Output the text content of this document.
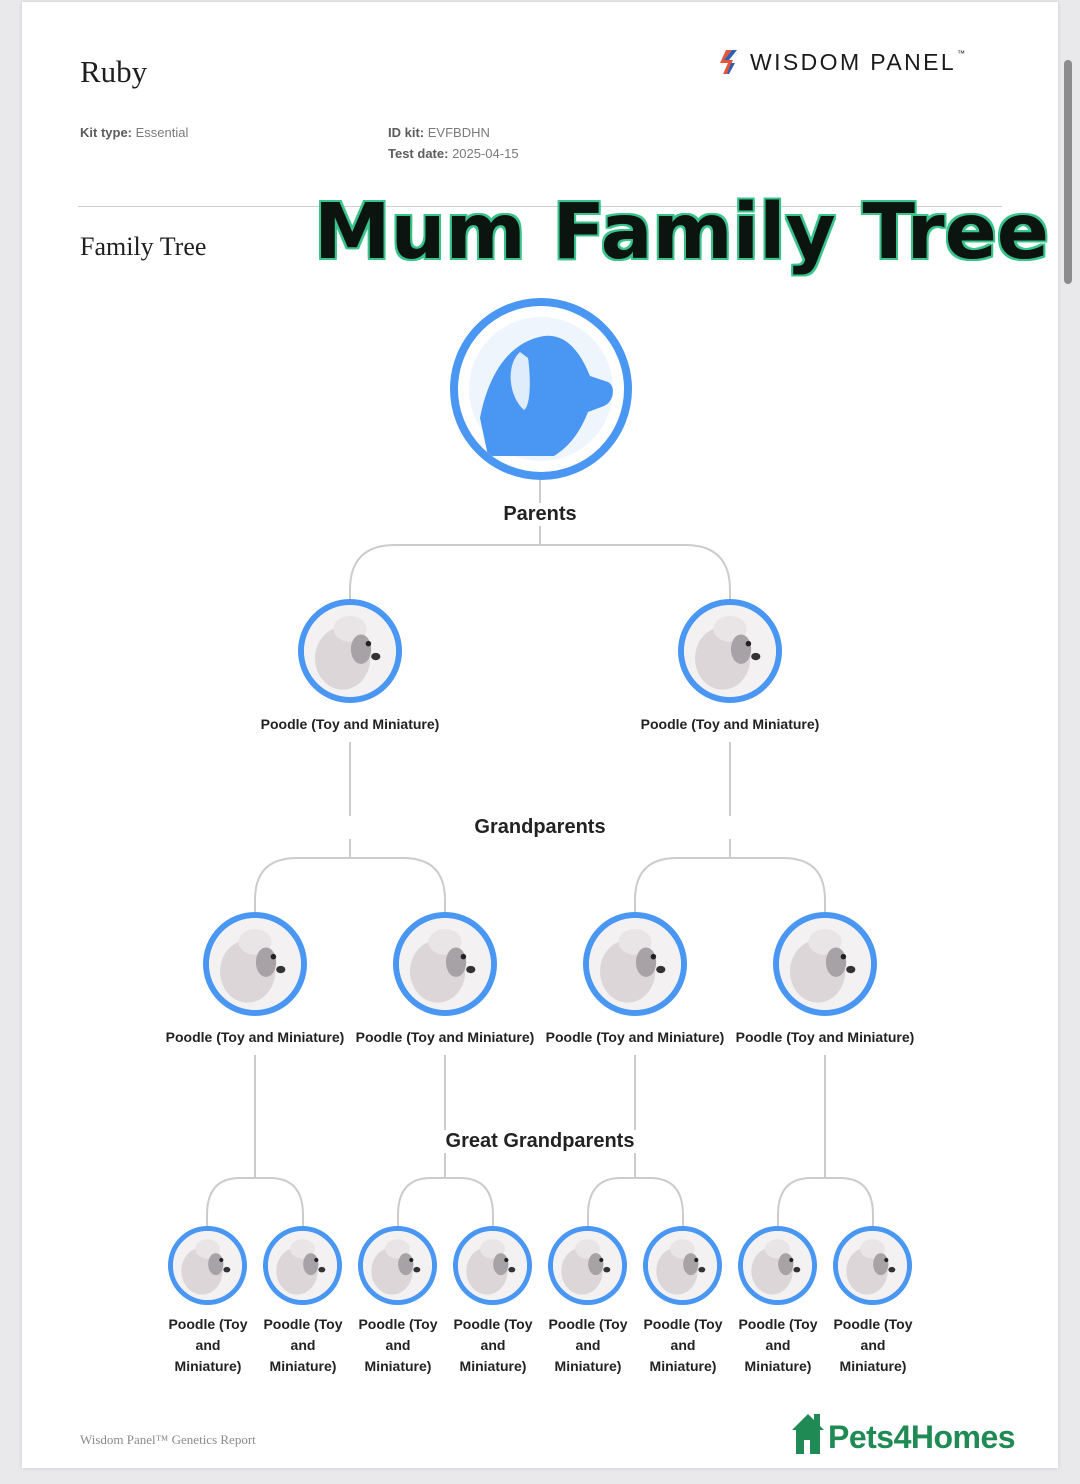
Ruby	WISDOM PANEL™
Kit type: Essential	ID kit: EVFBDHN
Test date: 2025-04-15
Family Tree Mum Family Tree
Parents
Grandparents
Great Grandparents
Poodle (Toy and Miniature)	Poodle (Toy and Miniature)
Poodle (Toy and Miniature) Poodle (Toy and Miniature) Poodle (Toy and Miniature) Poodle (Toy and Miniature)
Poodle (Toy and Miniature)
Poodle (Toy and Miniature)
Poodle (Toy and Miniature)
Poodle (Toy and Miniature)
Poodle (Toy and Miniature)
Poodle (Toy and Miniature)
Poodle (Toy and Miniature)
Poodle (Toy and Miniature)
Wisdom Panel™ Genetics Report	Pets4Homes
